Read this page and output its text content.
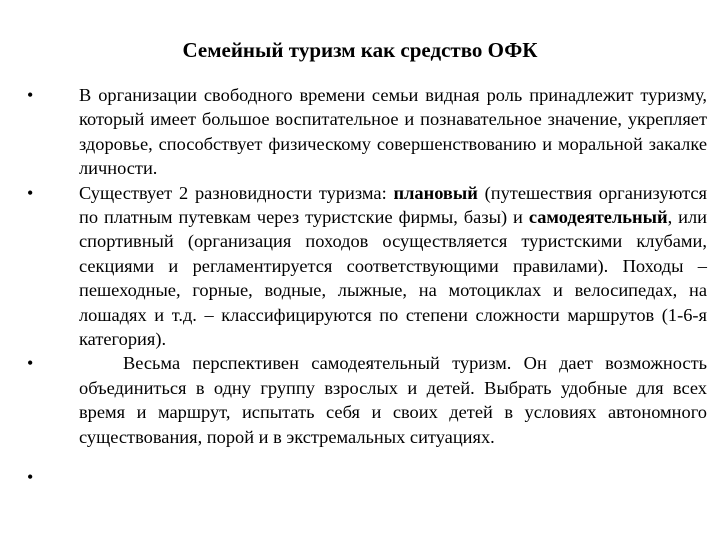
Семейный туризм как средство ОФК
• В организации свободного времени семьи видная роль принадлежит туризму, который имеет большое воспитательное и познавательное значение, укрепляет здоровье, способствует физическому совершенствованию и моральной закалке личности.
• Существует 2 разновидности туризма: плановый (путешествия организуются по платным путевкам через туристские фирмы, базы) и самодеятельный, или спортивный (организация походов осуществляется туристскими клубами, секциями и регламентируется соответствующими правилами). Походы – пешеходные, горные, водные, лыжные, на мотоциклах и велосипедах, на лошадях и т.д. – классифицируются по степени сложности маршрутов (1-6-я категория).
•	Весьма перспективен самодеятельный туризм. Он дает возможность объединиться в одну группу взрослых и детей. Выбрать удобные для всех время и маршрут, испытать себя и своих детей в условиях автономного существования, порой и в экстремальных ситуациях.
•
